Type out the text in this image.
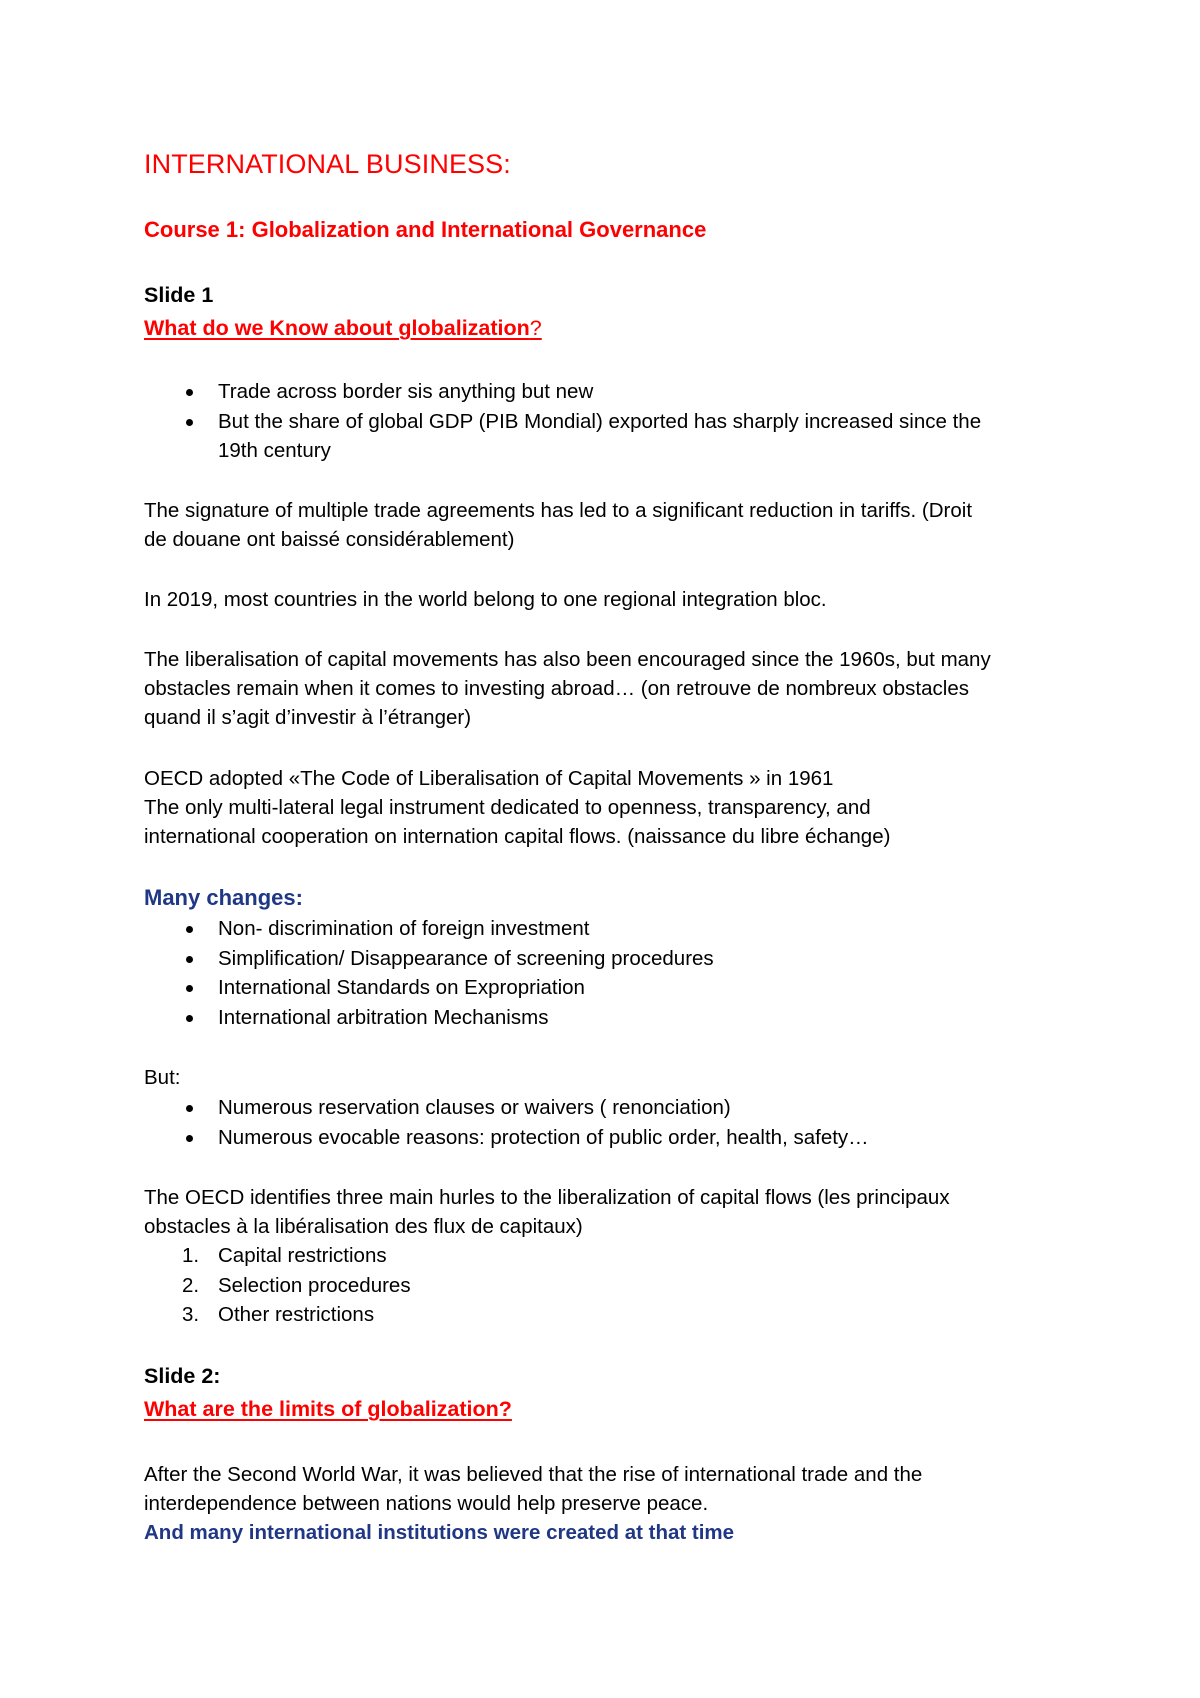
INTERNATIONAL BUSINESS:
Course 1: Globalization and International Governance
Slide 1
What do we Know about globalization?
Trade across border sis anything but new
But the share of global GDP (PIB Mondial) exported has sharply increased since the
19th century
The signature of multiple trade agreements has led to a significant reduction in tariffs. (Droit
de douane ont baissé considérablement)
In 2019, most countries in the world belong to one regional integration bloc.
The liberalisation of capital movements has also been encouraged since the 1960s, but many
obstacles remain when it comes to investing abroad… (on retrouve de nombreux obstacles
quand il s’agit d’investir à l’étranger)
OECD adopted «The Code of Liberalisation of Capital Movements » in 1961
The only multi-lateral legal instrument dedicated to openness, transparency, and
international cooperation on internation capital flows. (naissance du libre échange)
Many changes:
Non- discrimination of foreign investment
Simplification/ Disappearance of screening procedures
International Standards on Expropriation
International arbitration Mechanisms
But:
Numerous reservation clauses or waivers ( renonciation)
Numerous evocable reasons: protection of public order, health, safety…
The OECD identifies three main hurles to the liberalization of capital flows (les principaux
obstacles à la libéralisation des flux de capitaux)
1. Capital restrictions
2. Selection procedures
3. Other restrictions
Slide 2:
What are the limits of globalization?
After the Second World War, it was believed that the rise of international trade and the
interdependence between nations would help preserve peace.
And many international institutions were created at that time
